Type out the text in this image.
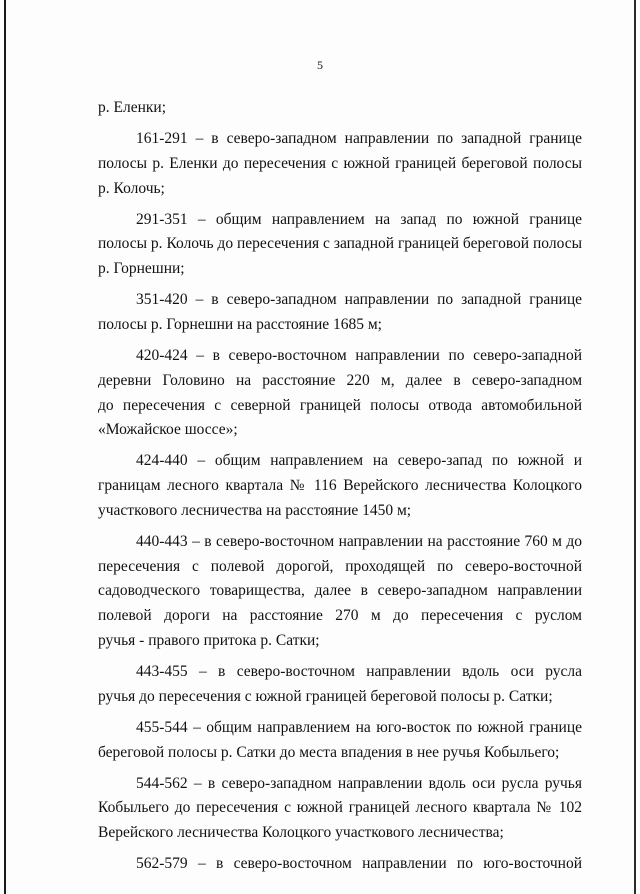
5
р. Еленки;
161-291 – в северо-западном направлении по западной границе
полосы р. Еленки до пересечения с южной границей береговой полосы
р. Колочь;
291-351 – общим направлением на запад по южной границе
полосы р. Колочь до пересечения с западной границей береговой полосы
р. Горнешни;
351-420 – в северо-западном направлении по западной границе
полосы р. Горнешни на расстояние 1685 м;
420-424 – в северо-восточном направлении по северо-западной
деревни Головино на расстояние 220 м, далее в северо-западном
до пересечения с северной границей полосы отвода автомобильной
«Можайское шоссе»;
424-440 – общим направлением на северо-запад по южной и
границам лесного квартала № 116 Верейского лесничества Колоцкого
участкового лесничества на расстояние 1450 м;
440-443 – в северо-восточном направлении на расстояние 760 м до
пересечения с полевой дорогой, проходящей по северо-восточной
садоводческого товарищества, далее в северо-западном направлении
полевой дороги на расстояние 270 м до пересечения с руслом
ручья - правого притока р. Сатки;
443-455 – в северо-восточном направлении вдоль оси русла
ручья до пересечения с южной границей береговой полосы р. Сатки;
455-544 – общим направлением на юго-восток по южной границе
береговой полосы р. Сатки до места впадения в нее ручья Кобыльего;
544-562 – в северо-западном направлении вдоль оси русла ручья
Кобыльего до пересечения с южной границей лесного квартала № 102
Верейского лесничества Колоцкого участкового лесничества;
562-579 – в северо-восточном направлении по юго-восточной
